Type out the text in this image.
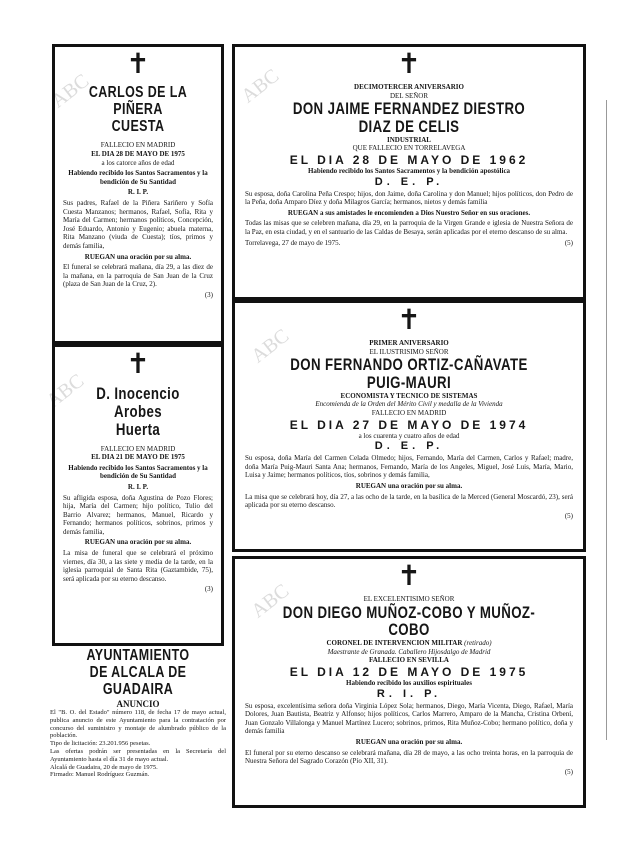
ABC	ABC
ABC
ABC
ABC
✝
CARLOS DE LA PIÑERA
CUESTA
FALLECIO EN MADRID
EL DIA 28 DE MAYO DE 1975
a los catorce años de edad
Habiendo recibido los Santos Sacramentos y la bendición de Su Santidad
R. I. P.
Sus padres, Rafael de la Piñera Sariñero y Sofía Cuesta Manzanos; hermanos, Rafael, Sofía, Rita y María del Carmen; hermanos políticos, Concepción, José Eduardo, Antonio y Eugenio; abuela materna, Rita Manzano (viuda de Cuesta); tíos, primos y demás familia,
RUEGAN una oración por su alma.
El funeral se celebrará mañana, día 29, a las diez de la mañana, en la parroquia de San Juan de la Cruz (plaza de San Juan de la Cruz, 2).
(3)
✝
D. Inocencio Arobes
Huerta
FALLECIO EN MADRID
EL DIA 21 DE MAYO DE 1975
Habiendo recibido los Santos Sacramentos y la bendición de Su Santidad
R. I. P.
Su afligida esposa, doña Agustina de Pozo Flores; hija, María del Carmen; hijo político, Tulio del Barrio Alvarez; hermanos, Manuel, Ricardo y Fernando; hermanos políticos, sobrinos, primos y demás familia,
RUEGAN una oración por su alma.
La misa de funeral que se celebrará el próximo viernes, día 30, a las siete y media de la tarde, en la iglesia parroquial de Santa Rita (Gaztambide, 75), será aplicada por su eterno descanso.
(3)
AYUNTAMIENTO
DE ALCALA DE GUADAIRA
ANUNCIO
El "B. O. del Estado" número 118, de fecha 17 de mayo actual, publica anuncio de este Ayuntamiento para la contratación por concurso del suministro y montaje de alumbrado público de la población.
Tipo de licitación: 23.201.956 pesetas.
Las ofertas podrán ser presentadas en la Secretaría del Ayuntamiento hasta el día 31 de mayo actual.
Alcalá de Guadaira, 20 de mayo de 1975.
Firmado: Manuel Rodríguez Guzmán.
✝
DECIMOTERCER ANIVERSARIO
DEL SEÑOR
DON JAIME FERNANDEZ DIESTRO DIAZ DE CELIS
INDUSTRIAL
QUE FALLECIO EN TORRELAVEGA
EL DIA 28 DE MAYO DE 1962
Habiendo recibido los Santos Sacramentos y la bendición apostólica
D. E. P.
Su esposa, doña Carolina Peña Crespo; hijos, don Jaime, doña Carolina y don Manuel; hijos políticos, don Pedro de la Peña, doña Amparo Díez y doña Milagros García; hermanos, nietos y demás familia
RUEGAN a sus amistades le encomienden a Dios Nuestro Señor en sus oraciones.
Todas las misas que se celebren mañana, día 29, en la parroquia de la Virgen Grande e iglesia de Nuestra Señora de la Paz, en esta ciudad, y en el santuario de las Caldas de Besaya, serán aplicadas por el eterno descanso de su alma.
Torrelavega, 27 de mayo de 1975.	(5)
✝
PRIMER ANIVERSARIO
EL ILUSTRISIMO SEÑOR
DON FERNANDO ORTIZ-CAÑAVATE PUIG-MAURI
ECONOMISTA Y TECNICO DE SISTEMAS
Encomienda de la Orden del Mérito Civil y medalla de la Vivienda
FALLECIO EN MADRID
EL DIA 27 DE MAYO DE 1974
a los cuarenta y cuatro años de edad
D. E. P.
Su esposa, doña María del Carmen Celada Olmedo; hijos, Fernando, María del Carmen, Carlos y Rafael; madre, doña María Puig-Mauri Santa Ana; hermanos, Fernando, María de los Angeles, Miguel, José Luis, María, Mario, Luisa y Jaime; hermanos políticos, tíos, sobrinos y demás familia,
RUEGAN una oración por su alma.
La misa que se celebrará hoy, día 27, a las ocho de la tarde, en la basílica de la Merced (General Moscardó, 23), será aplicada por su eterno descanso.
(5)
✝
EL EXCELENTISIMO SEÑOR
DON DIEGO MUÑOZ-COBO Y MUÑOZ-COBO
CORONEL DE INTERVENCION MILITAR (retirado)
Maestrante de Granada. Caballero Hijosdalgo de Madrid
FALLECIO EN SEVILLA
EL DIA 12 DE MAYO DE 1975
Habiendo recibido los auxilios espirituales
R. I. P.
Su esposa, excelentísima señora doña Virginia López Sola; hermanos, Diego, María Vicenta, Diego, Rafael, María Dolores, Juan Bautista, Beatriz y Alfonso; hijos políticos, Carlos Marrero, Amparo de la Mancha, Cristina Orbení, Juan Gonzalo Villalonga y Manuel Martínez Lucero; sobrinos, primos, Rita Muñoz-Cobo; hermano político, doña y demás familia
RUEGAN una oración por su alma.
El funeral por su eterno descanso se celebrará mañana, día 28 de mayo, a las ocho treinta horas, en la parroquia de Nuestra Señora del Sagrado Corazón (Pío XII, 31).
(5)
